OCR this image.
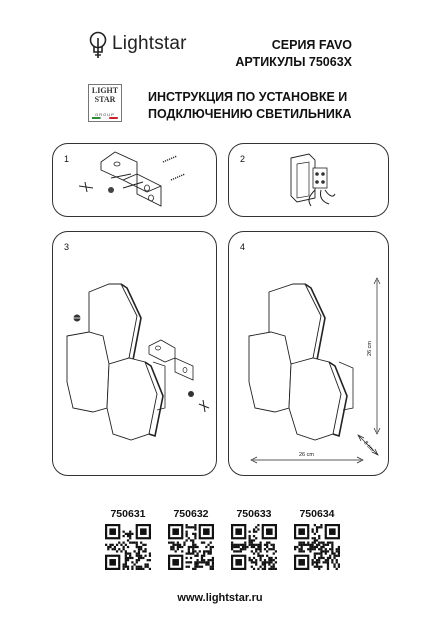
Lightstar	СЕРИЯ FAVO
АРТИКУЛЫ 75063X
LIGHT
STAR
GROUP
ИНСТРУКЦИЯ ПО УСТАНОВКЕ И
ПОДКЛЮЧЕНИЮ СВЕТИЛЬНИКА
1	2
3	4
26 cm
26 cm
8 cm
750631	750632	750633	750634
www.lightstar.ru
